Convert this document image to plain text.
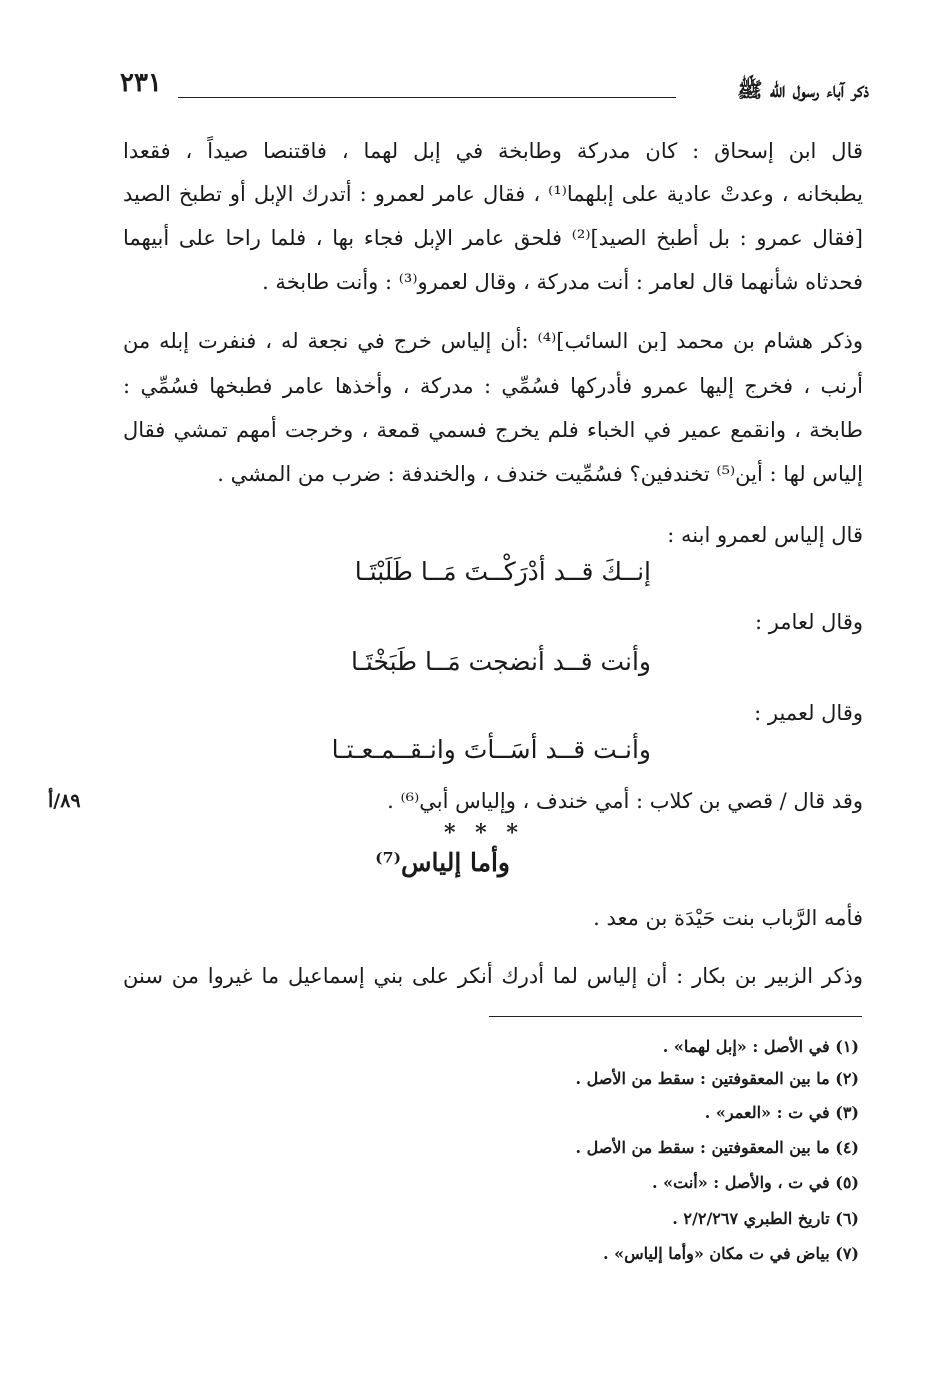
ذكر آباء رسول الله ﷺ
٢٣١
قال ابن إسحاق : كان مدركة وطابخة في إبل لهما ، فاقتنصا صيداً ، فقعدا
يطبخانه ، وعدتْ عادية على إبلهما⁽¹⁾ ، فقال عامر لعمرو : أتدرك الإبل أو تطبخ الصيد
[فقال عمرو : بل أطبخ الصيد]⁽²⁾ فلحق عامر الإبل فجاء بها ، فلما راحا على أبيهما
فحدثاه شأنهما قال لعامر : أنت مدركة ، وقال لعمرو⁽³⁾ : وأنت طابخة .
وذكر هشام بن محمد [بن السائب]⁽⁴⁾ :أن إلياس خرج في نجعة له ، فنفرت إبله من
أرنب ، فخرج إليها عمرو فأدركها فسُمِّي : مدركة ، وأخذها عامر فطبخها فسُمِّي :
طابخة ، وانقمع عمير في الخباء فلم يخرج فسمي قمعة ، وخرجت أمهم تمشي فقال
إلياس لها : أين⁽⁵⁾ تخندفين؟ فسُمِّيت خندف ، والخندفة : ضرب من المشي .
قال إلياس لعمرو ابنه :
إنــكَ قــد أدْرَكْــتَ مَــا طَلَبْتَـا
وقال لعامر :
وأنت قــد أنضجت مَــا طَبَخْتَـا
وقال لعمير :
وأنـت قــد أسَــأتَ وانـقــمـعـتـا
وقد قال / قصي بن كلاب : أمي خندف ، وإلياس أبي⁽⁶⁾ .
٨٩/أ
* * *
وأما إلياس⁽⁷⁾
فأمه الرَّباب بنت حَيْدَة بن معد .
وذكر الزبير بن بكار : أن إلياس لما أدرك أنكر على بني إسماعيل ما غيروا من سنن
(١) في الأصل : «إبل لهما» .
(٢) ما بين المعقوفتين : سقط من الأصل .
(٣) في ت : «العمر» .
(٤) ما بين المعقوفتين : سقط من الأصل .
(٥) في ت ، والأصل : «أنت» .
(٦) تاريخ الطبري ٢/٢/٢٦٧ .
(٧) بياض في ت مكان «وأما إلياس» .
